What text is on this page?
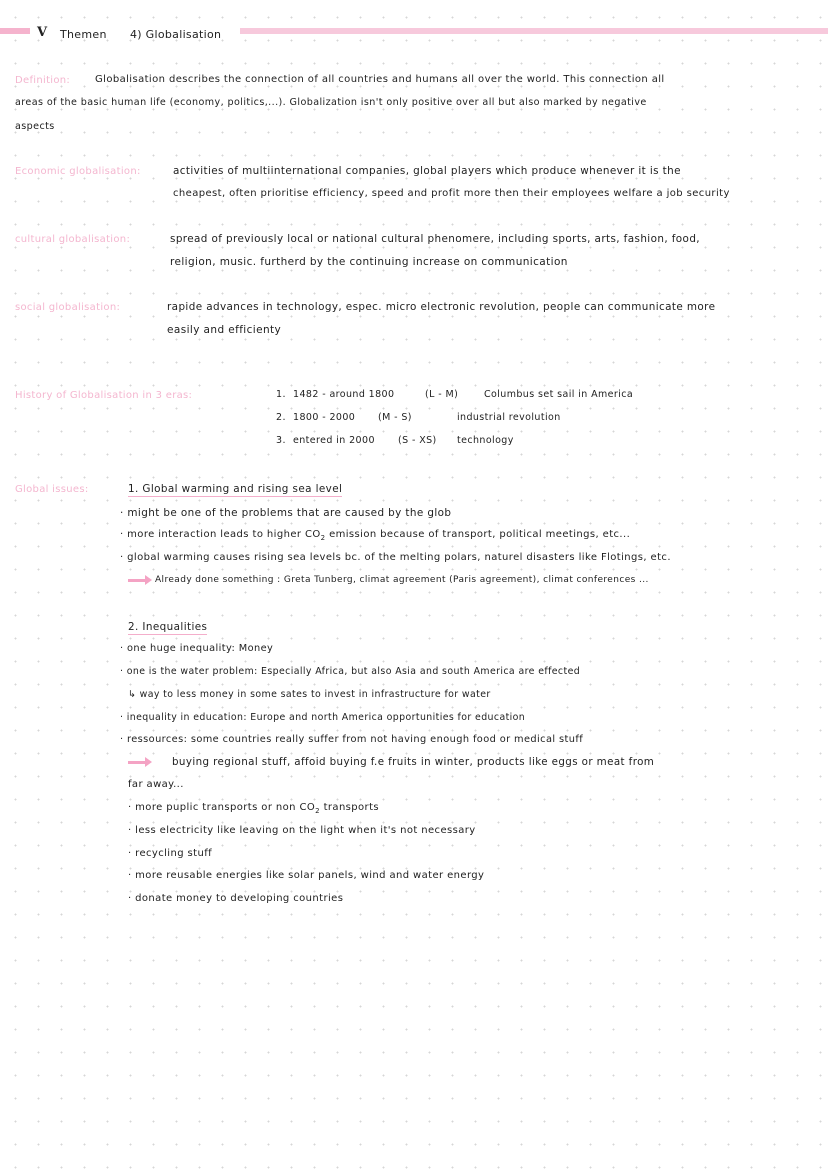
V Themen 4) Globalisation
Definition: Globalisation describes the connection of all countries and humans all over the world. This connection all
areas of the basic human life (economy, politics,...). Globalization isn't only positive over all but also marked by negative
aspects
Economic globalisation:	activities of multiinternational companies, global players which produce whenever it is the
cheapest, often prioritise efficiency, speed and profit more then their employees welfare a job security
cultural globalisation:	spread of previously local or national cultural phenomere, including sports, arts, fashion, food,
religion, music. furtherd by the continuing increase on communication
social globalisation:	rapide advances in technology, espec. micro electronic revolution, people can communicate more
easily and efficienty
History of Globalisation in 3 eras:	1. 1482 - around 1800	(L - M)	Columbus set sail in America
2. 1800 - 2000 (M - S)	industrial revolution
3. entered in 2000 (S - XS) technology
Global issues:	1. Global warming and rising sea level
· might be one of the problems that are caused by the glob
· more interaction leads to higher $CO_2$ emission because of transport, political meetings, etc...
· global warming causes rising sea levels bc. of the melting polars, naturel disasters like Flotings, etc.
Already done something : Greta Tunberg, climat agreement (Paris agreement), climat conferences ...
2. Inequalities
· one huge inequality: Money
· one is the water problem: Especially Africa, but also Asia and south America are effected
↳ way to less money in some sates to invest in infrastructure for water
· inequality in education: Europe and north America opportunities for education
· ressources: some countries really suffer from not having enough food or medical stuff
buying regional stuff, affoid buying f.e fruits in winter, products like eggs or meat from
far away...
· more puplic transports or non $CO_2$ transports
· less electricity like leaving on the light when it's not necessary
· recycling stuff
· more reusable energies like solar panels, wind and water energy
· donate money to developing countries
